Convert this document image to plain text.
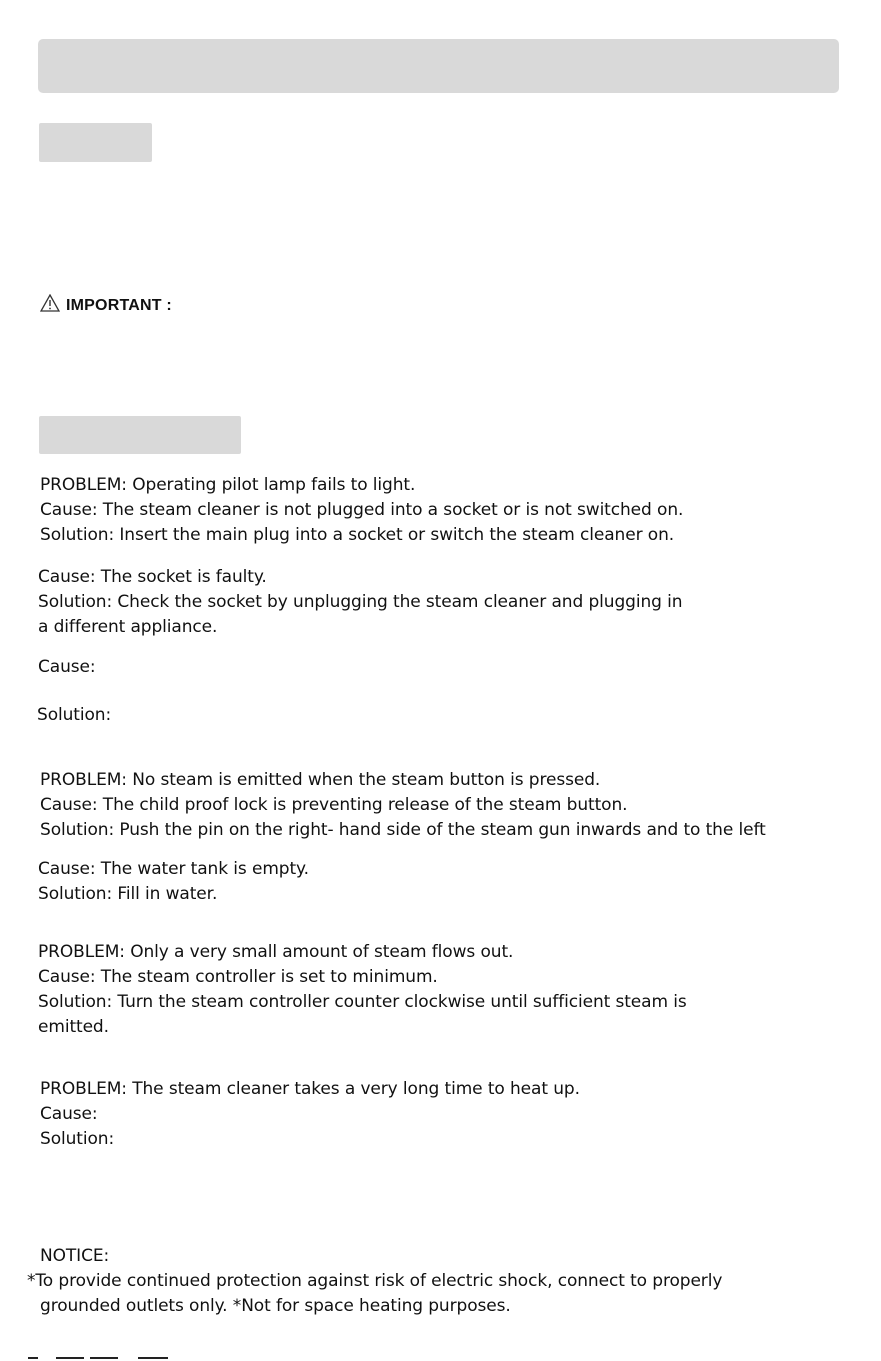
IMPORTANT :
PROBLEM: Operating pilot lamp fails to light.
Cause: The steam cleaner is not plugged into a socket or is not switched on.
Solution: Insert the main plug into a socket or switch the steam cleaner on.
Cause: The socket is faulty.
Solution: Check the socket by unplugging the steam cleaner and plugging in
a different appliance.
Cause:
Solution:
PROBLEM: No steam is emitted when the steam button is pressed.
Cause: The child proof lock is preventing release of the steam button.
Solution: Push the pin on the right- hand side of the steam gun inwards and to the left
Cause: The water tank is empty.
Solution: Fill in water.
PROBLEM: Only a very small amount of steam flows out.
Cause: The steam controller is set to minimum.
Solution: Turn the steam controller counter clockwise until sufficient steam is
emitted.
PROBLEM: The steam cleaner takes a very long time to heat up.
Cause:
Solution:
NOTICE:
*To provide continued protection against risk of electric shock, connect to properly
grounded outlets only. *Not for space heating purposes.
